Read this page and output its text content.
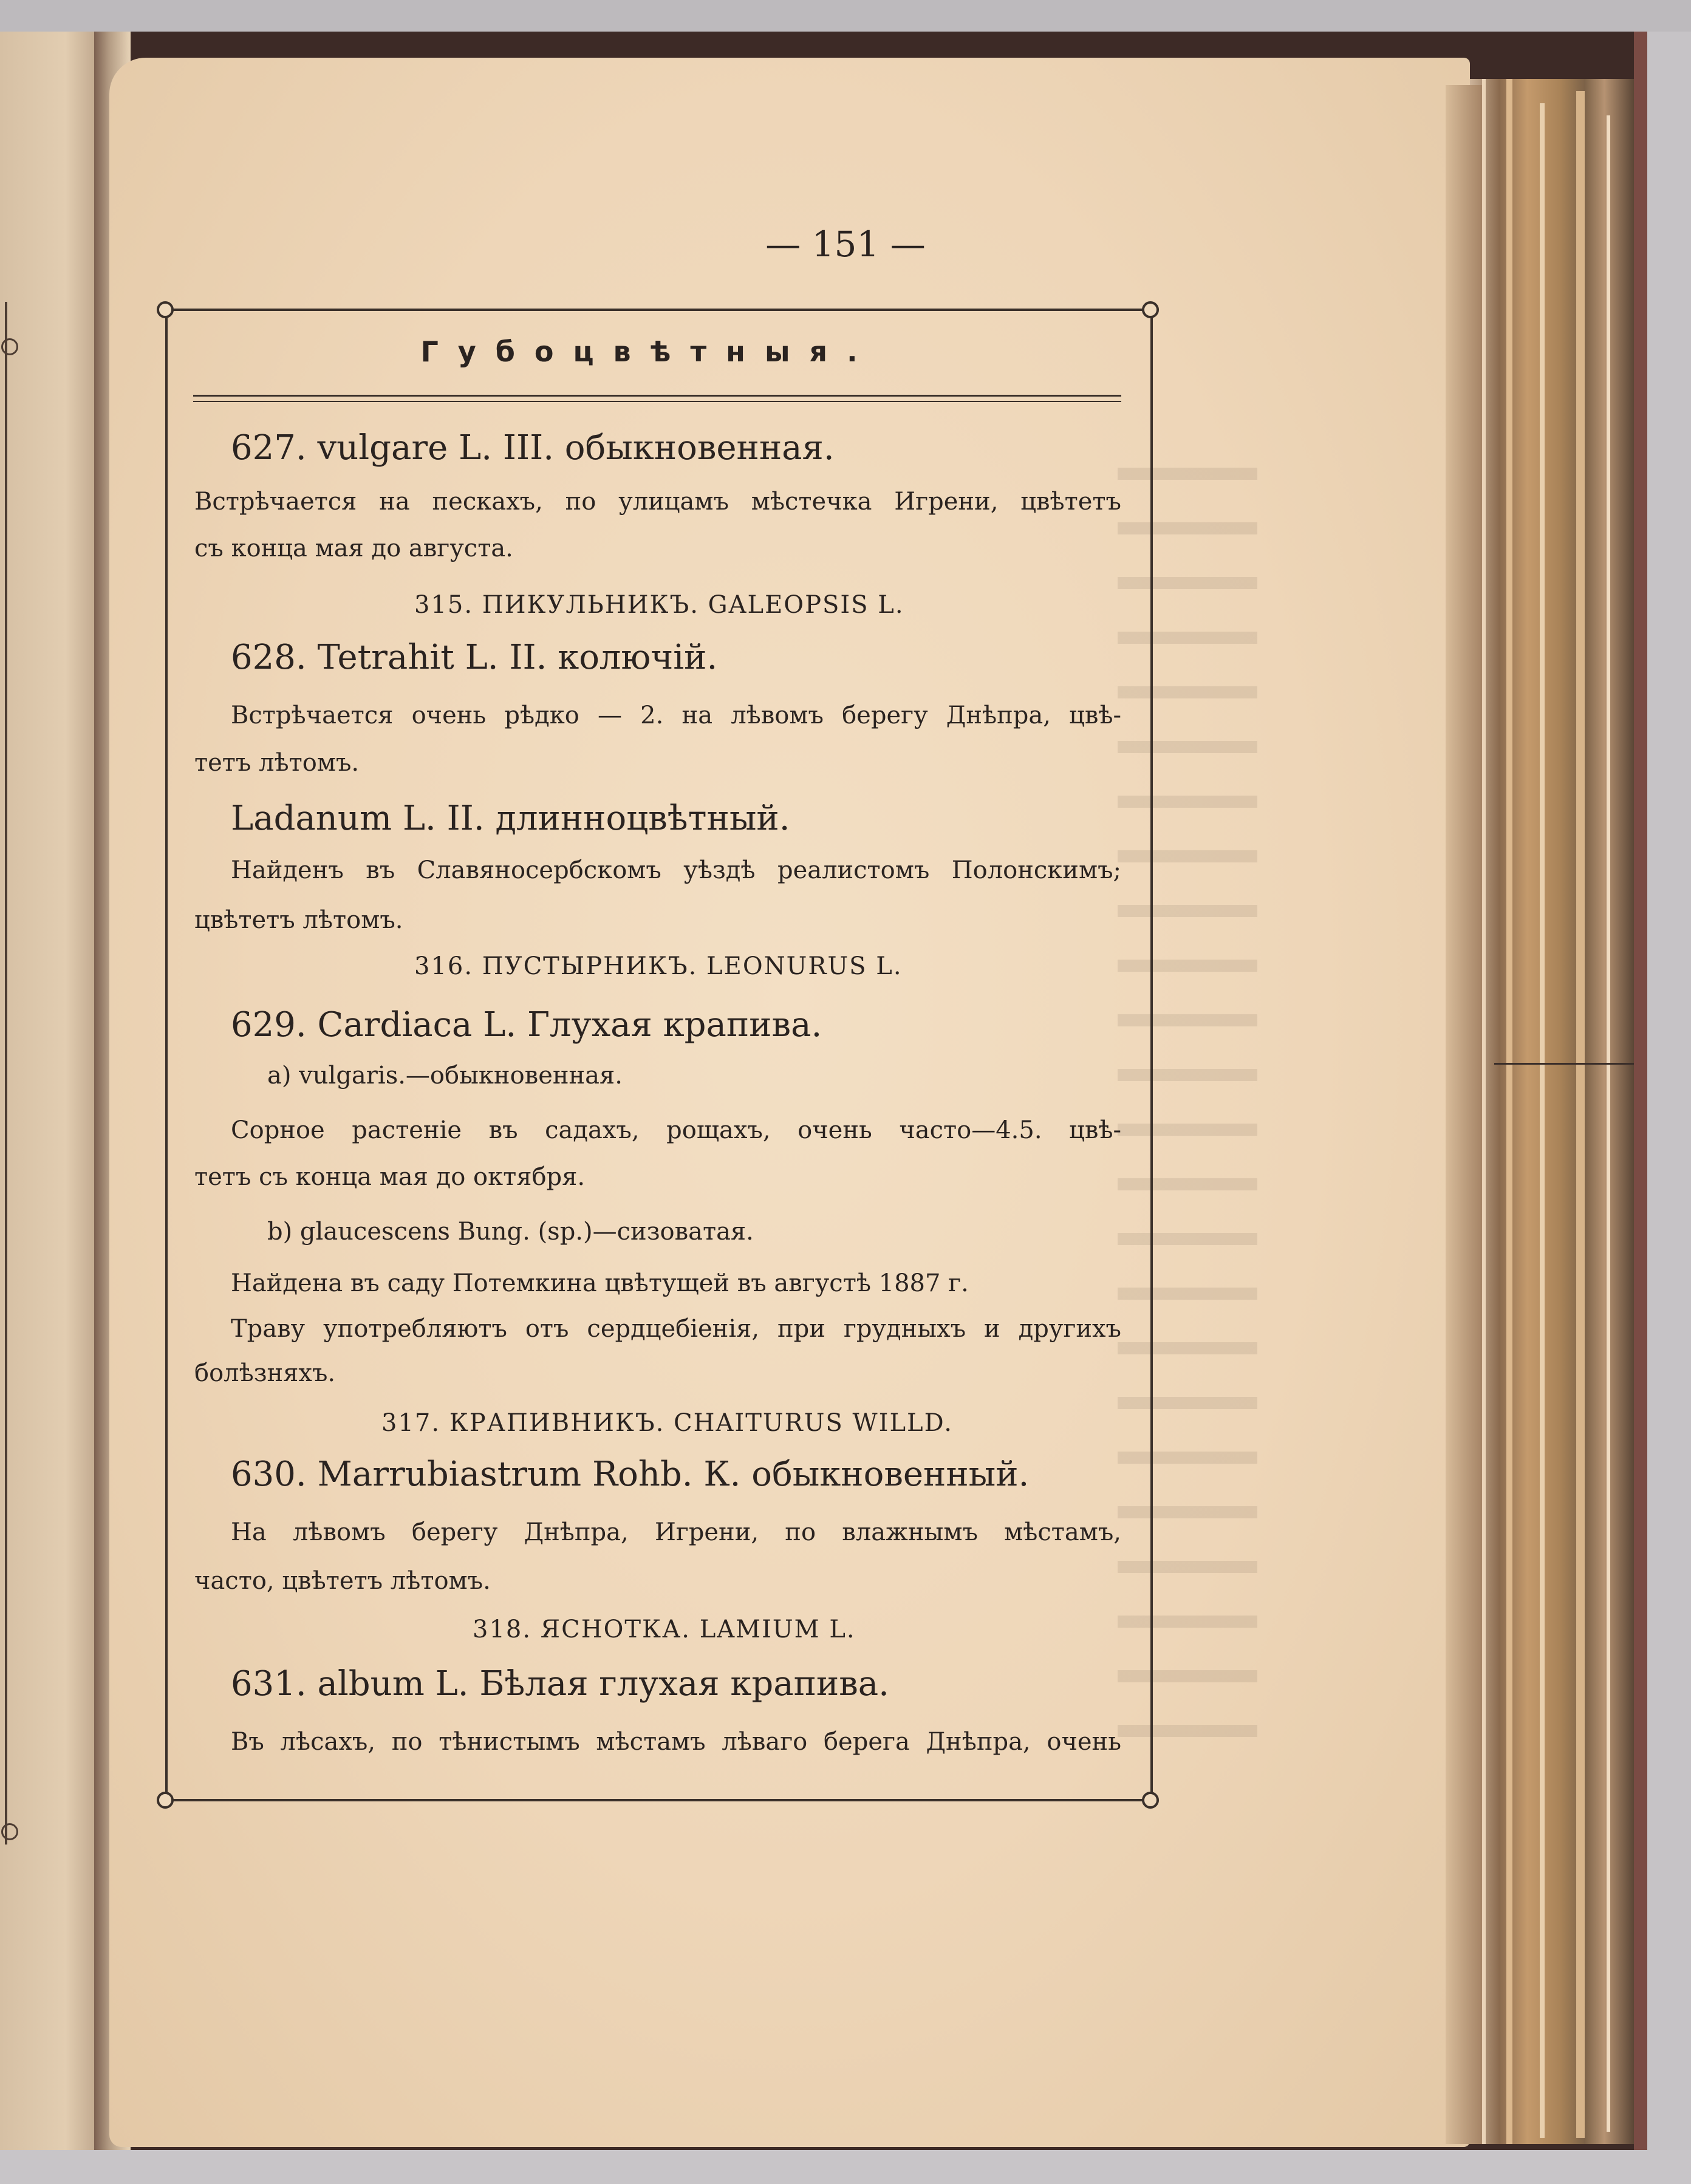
— 151 —
Губоцвѣтныя.
627. vulgare L. III. обыкновенная.
Встрѣчается на пескахъ, по улицамъ мѣстечка Игрени, цвѣтетъ
съ конца мая до августа.
315. ПИКУЛЬНИКЪ. GALEOPSIS L.
628. Tetrahit L. II. колючій.
Встрѣчается очень рѣдко — 2. на лѣвомъ берегу Днѣпра, цвѣ-
тетъ лѣтомъ.
Ladanum L. II. длинноцвѣтный.
Найденъ въ Славяносербскомъ уѣздѣ реалистомъ Полонскимъ;
цвѣтетъ лѣтомъ.
316. ПУСТЫРНИКЪ. LEONURUS L.
629. Cardiaca L. Глухая крапива.
a) vulgaris.—обыкновенная.
Сорное растеніе въ садахъ, рощахъ, очень часто—4.5. цвѣ-
тетъ съ конца мая до октября.
b) glaucescens Bung. (sp.)—сизоватая.
Найдена въ саду Потемкина цвѣтущей въ августѣ 1887 г.
Траву употребляютъ отъ сердцебіенія, при грудныхъ и другихъ
болѣзняхъ.
317. КРАПИВНИКЪ. CHAITURUS WILLD.
630. Marrubiastrum Rohb. К. обыкновенный.
На лѣвомъ берегу Днѣпра, Игрени, по влажнымъ мѣстамъ,
часто, цвѣтетъ лѣтомъ.
318. ЯСНОТКА. LAMIUM L.
631. album L. Бѣлая глухая крапива.
Въ лѣсахъ, по тѣнистымъ мѣстамъ лѣваго берега Днѣпра, очень
